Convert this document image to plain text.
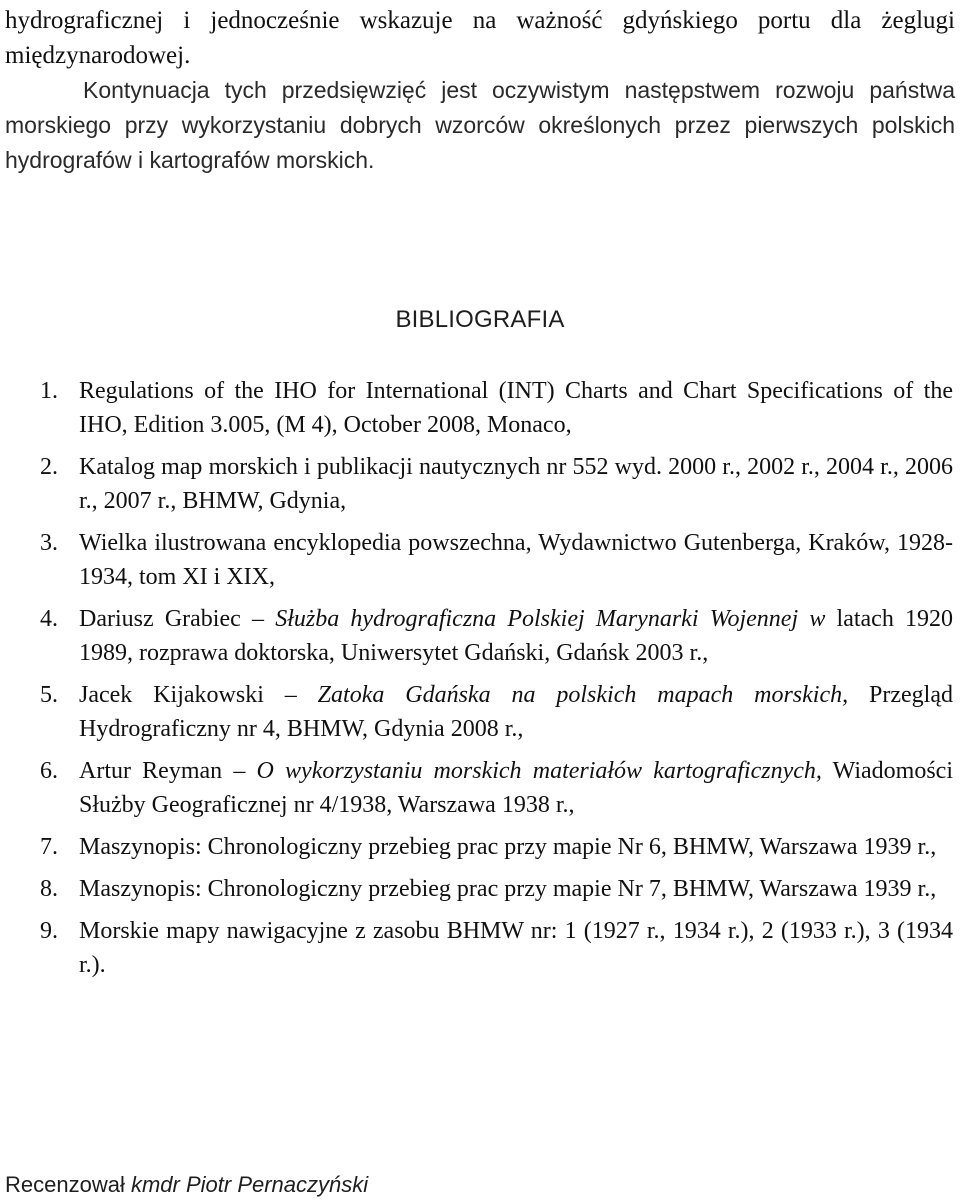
hydrograficznej i jednocześnie wskazuje na ważność gdyńskiego portu dla żeglugi międzynarodowej.

Kontynuacja tych przedsięwzięć jest oczywistym następstwem rozwoju państwa morskiego przy wykorzystaniu dobrych wzorców określonych przez pierwszych polskich hydrografów i kartografów morskich.

BIBLIOGRAFIA

1. Regulations of the IHO for International (INT) Charts and Chart Specifications of the IHO, Edition 3.005, (M 4), October 2008, Monaco,
2. Katalog map morskich i publikacji nautycznych nr 552 wyd. 2000 r., 2002 r., 2004 r., 2006 r., 2007 r., BHMW, Gdynia,
3. Wielka ilustrowana encyklopedia powszechna, Wydawnictwo Gutenberga, Kraków, 1928-1934, tom XI i XIX,
4. Dariusz Grabiec – Służba hydrograficzna Polskiej Marynarki Wojennej w latach 1920 1989, rozprawa doktorska, Uniwersytet Gdański, Gdańsk 2003 r.,
5. Jacek Kijakowski – Zatoka Gdańska na polskich mapach morskich, Przegląd Hydrograficzny nr 4, BHMW, Gdynia 2008 r.,
6. Artur Reyman – O wykorzystaniu morskich materiałów kartograficznych, Wiadomości Służby Geograficznej nr 4/1938, Warszawa 1938 r.,
7. Maszynopis: Chronologiczny przebieg prac przy mapie Nr 6, BHMW, Warszawa 1939 r.,
8. Maszynopis: Chronologiczny przebieg prac przy mapie Nr 7, BHMW, Warszawa 1939 r.,
9. Morskie mapy nawigacyjne z zasobu BHMW nr: 1 (1927 r., 1934 r.), 2 (1933 r.), 3 (1934 r.).

Recenzował kmdr Piotr Pernaczyński
